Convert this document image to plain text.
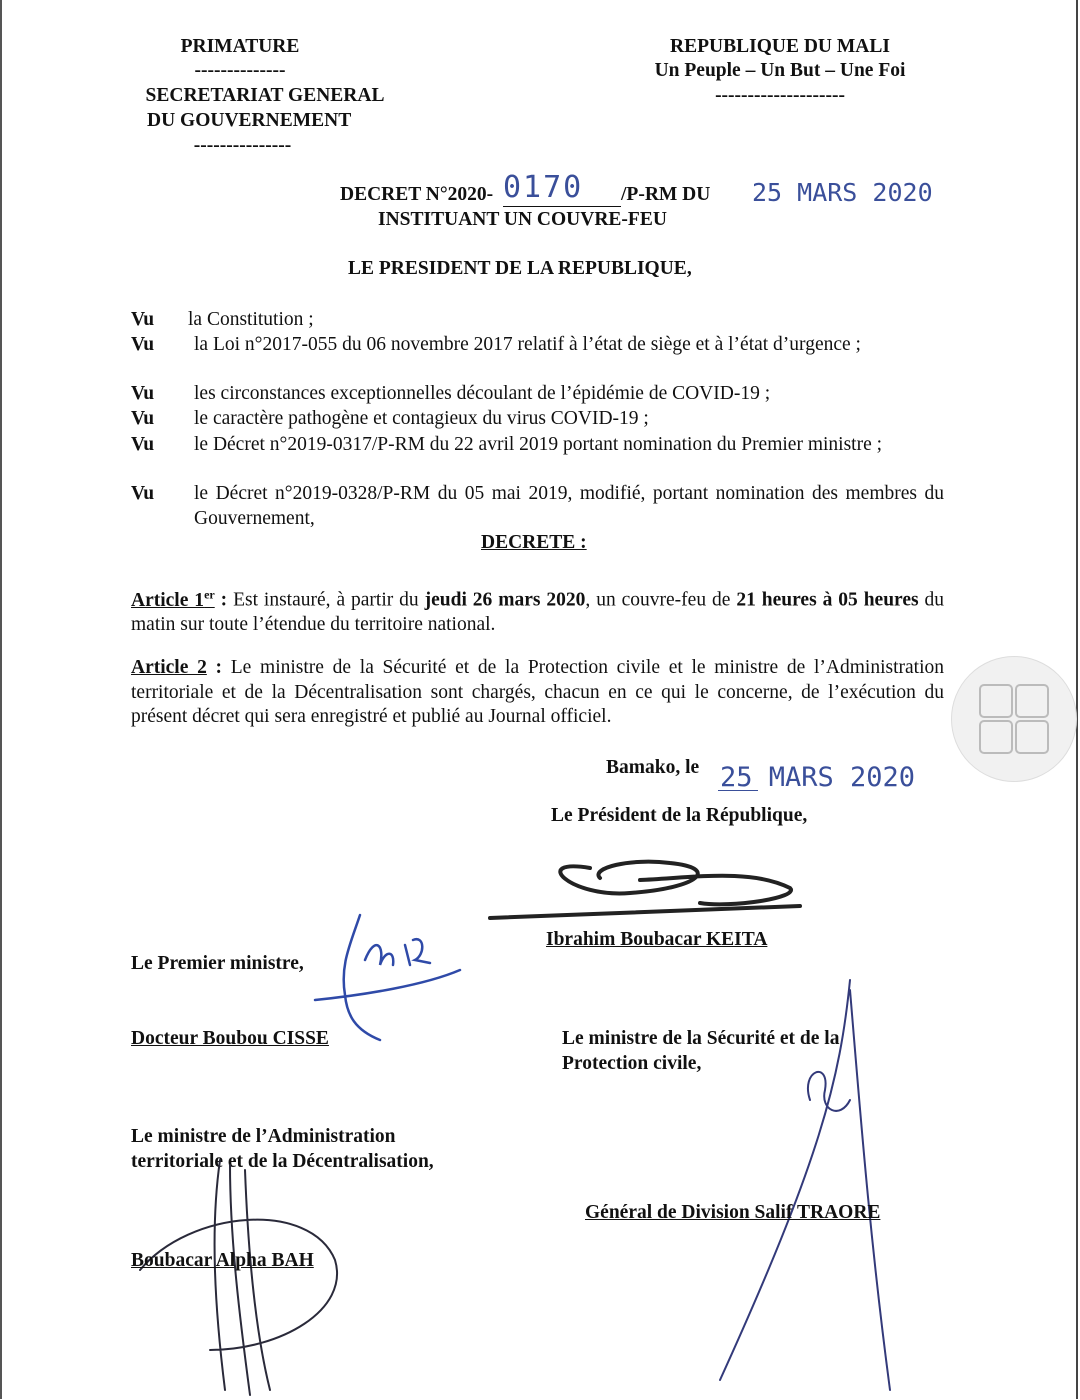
PRIMATURE
--------------
SECRETARIAT GENERAL
DU GOUVERNEMENT
---------------
REPUBLIQUE DU MALI
Un Peuple – Un But – Une Foi
--------------------
DECRET N°2020- 0170 /P-RM DU 25 MARS 2020
INSTITUANT UN COUVRE-FEU
LE PRESIDENT DE LA REPUBLIQUE,
Vu la Constitution ;
Vu la Loi n°2017-055 du 06 novembre 2017 relatif à l’état de siège et à l’état d’urgence ;
Vu les circonstances exceptionnelles découlant de l’épidémie de COVID-19 ;
Vu le caractère pathogène et contagieux du virus COVID-19 ;
Vu le Décret n°2019-0317/P-RM du 22 avril 2019 portant nomination du Premier ministre ;
Vu le Décret n°2019-0328/P-RM du 05 mai 2019, modifié, portant nomination des membres du Gouvernement,
DECRETE :
Article 1er : Est instauré, à partir du jeudi 26 mars 2020, un couvre-feu de 21 heures à 05 heures du matin sur toute l’étendue du territoire national.
Article 2 : Le ministre de la Sécurité et de la Protection civile et le ministre de l’Administration territoriale et de la Décentralisation sont chargés, chacun en ce qui le concerne, de l’exécution du présent décret qui sera enregistré et publié au Journal officiel.
Bamako, le 25 MARS 2020
Le Président de la République,
Ibrahim Boubacar KEITA
Le Premier ministre,
Docteur Boubou CISSE	Le ministre de la Sécurité et de la
Protection civile,
Général de Division Salif TRAORE
Le ministre de l’Administration
territoriale et de la Décentralisation,
Boubacar Alpha BAH
